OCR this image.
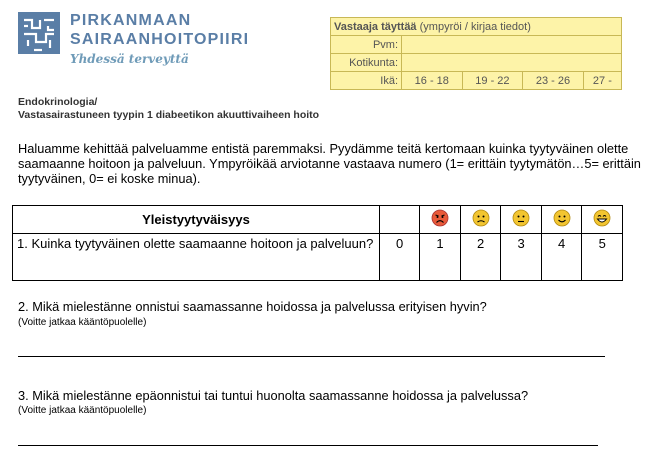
PIRKANMAAN
SAIRAANHOITOPIIRI
Yhdessä terveyttä
Vastaaja täyttää (ympyröi / kirjaa tiedot)				
Pvm:				
Kotikunta:				
Ikä:	16 - 18	19 - 22	23 - 26	27 -
Endokrinologia/
Vastasairastuneen tyypin 1 diabeetikon akuuttivaiheen hoito
Haluamme kehittää palveluamme entistä paremmaksi. Pyydämme teitä kertomaan kuinka tyytyväinen olette saamaanne hoitoon ja palveluun. Ympyröikää arviotanne vastaava numero (1= erittäin tyytymätön…5= erittäin tyytyväinen, 0= ei koske minua).
Yleistyytyväisyys						
1. Kuinka tyytyväinen olette saamaanne hoitoon ja palveluun?	0	1	2	3	4	5
2. Mikä mielestänne onnistui saamassanne hoidossa ja palvelussa erityisen hyvin?
(Voitte jatkaa kääntöpuolelle)
3. Mikä mielestänne epäonnistui tai tuntui huonolta saamassanne hoidossa ja palvelussa?
(Voitte jatkaa kääntöpuolelle)
